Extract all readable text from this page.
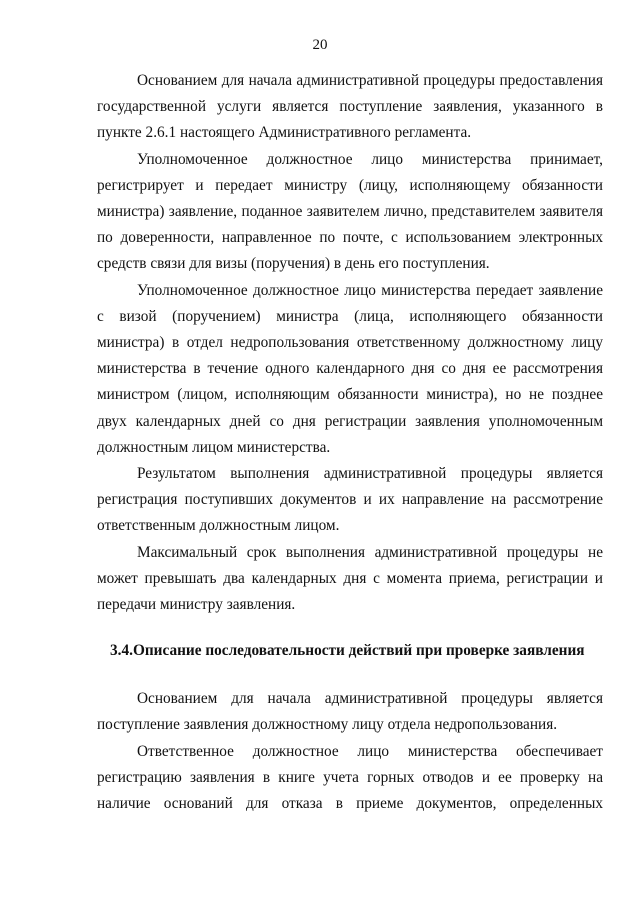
20

Основанием для начала административной процедуры предоставления государственной услуги является поступление заявления, указанного в пункте 2.6.1 настоящего Административного регламента.

Уполномоченное должностное лицо министерства принимает, регистрирует и передает министру (лицу, исполняющему обязанности министра) заявление, поданное заявителем лично, представителем заявителя по доверенности, направленное по почте, с использованием электронных средств связи для визы (поручения) в день его поступления.

Уполномоченное должностное лицо министерства передает заявление с визой (поручением) министра (лица, исполняющего обязанности министра) в отдел недропользования ответственному должностному лицу министерства в течение одного календарного дня со дня ее рассмотрения министром (лицом, исполняющим обязанности министра), но не позднее двух календарных дней со дня регистрации заявления уполномоченным должностным лицом министерства.

Результатом выполнения административной процедуры является регистрация поступивших документов и их направление на рассмотрение ответственным должностным лицом.

Максимальный срок выполнения административной процедуры не может превышать два календарных дня с момента приема, регистрации и передачи министру заявления.

3.4.Описание последовательности действий при проверке заявления

Основанием для начала административной процедуры является поступление заявления должностному лицу отдела недропользования.

Ответственное должностное лицо министерства обеспечивает регистрацию заявления в книге учета горных отводов и ее проверку на наличие оснований для отказа в приеме документов, определенных
